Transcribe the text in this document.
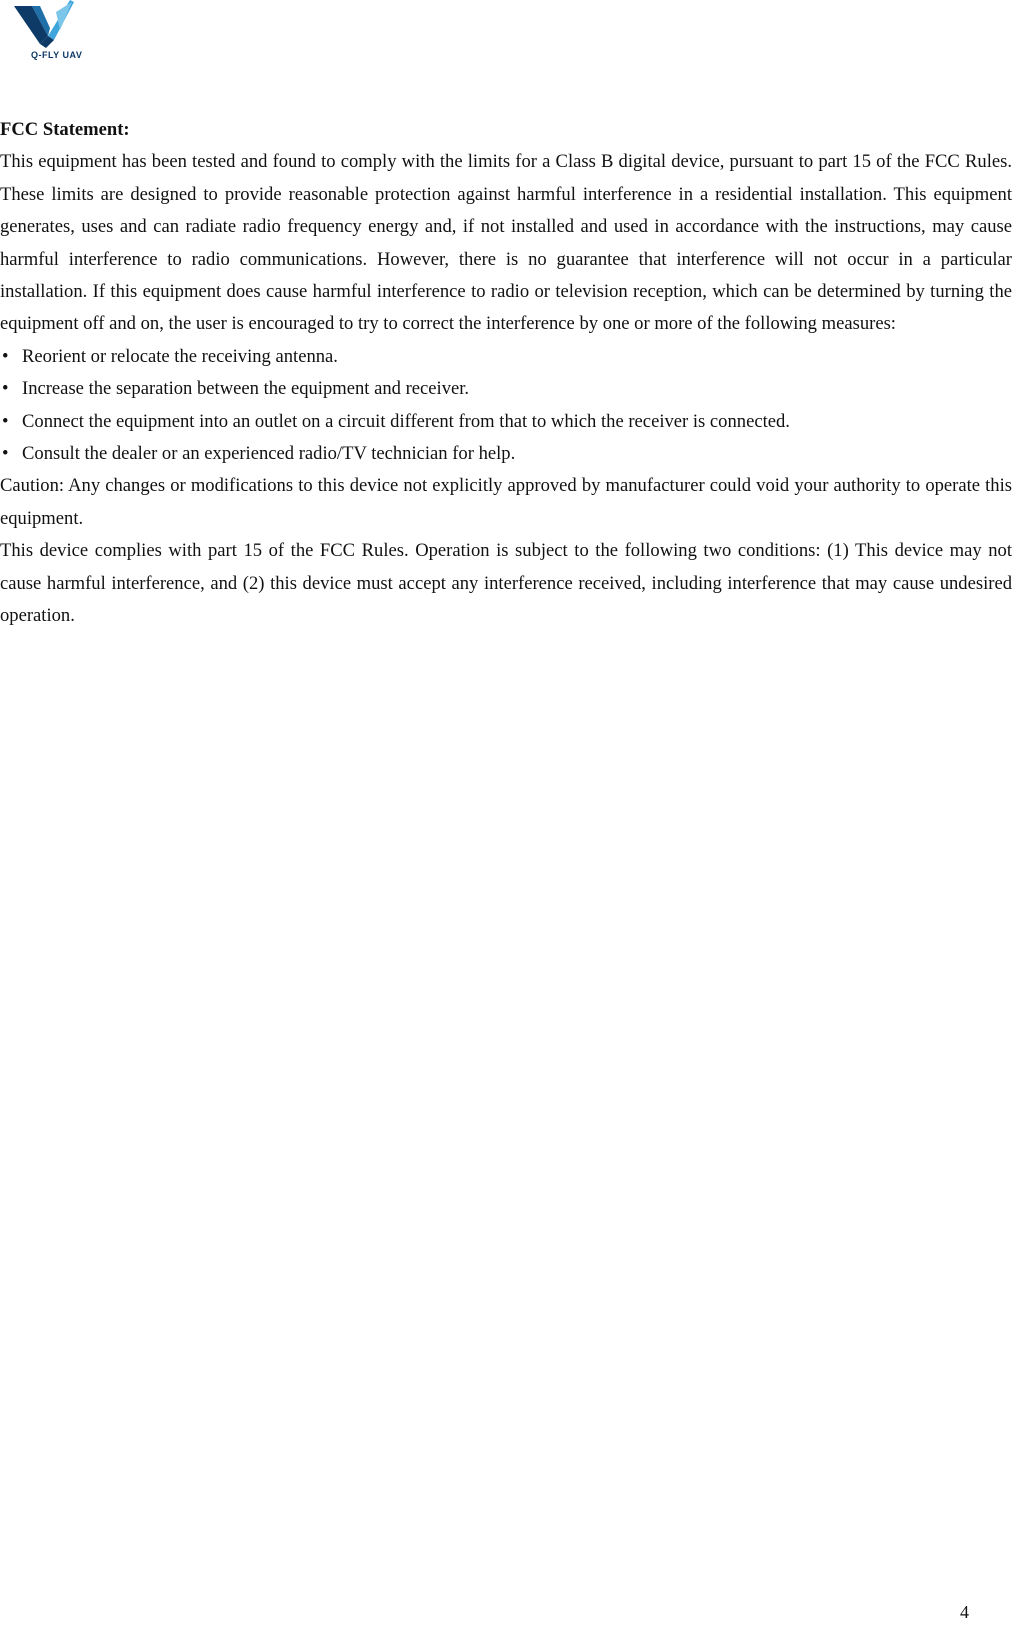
Q-FLY UAV

FCC Statement:

This equipment has been tested and found to comply with the limits for a Class B digital device, pursuant to part 15 of the FCC Rules. These limits are designed to provide reasonable protection against harmful interference in a residential installation. This equipment generates, uses and can radiate radio frequency energy and, if not installed and used in accordance with the instructions, may cause harmful interference to radio communications. However, there is no guarantee that interference will not occur in a particular installation. If this equipment does cause harmful interference to radio or television reception, which can be determined by turning the equipment off and on, the user is encouraged to try to correct the interference by one or more of the following measures:

• Reorient or relocate the receiving antenna.
• Increase the separation between the equipment and receiver.
• Connect the equipment into an outlet on a circuit different from that to which the receiver is connected.
• Consult the dealer or an experienced radio/TV technician for help.

Caution: Any changes or modifications to this device not explicitly approved by manufacturer could void your authority to operate this equipment.

This device complies with part 15 of the FCC Rules. Operation is subject to the following two conditions: (1) This device may not cause harmful interference, and (2) this device must accept any interference received, including interference that may cause undesired operation.

4
